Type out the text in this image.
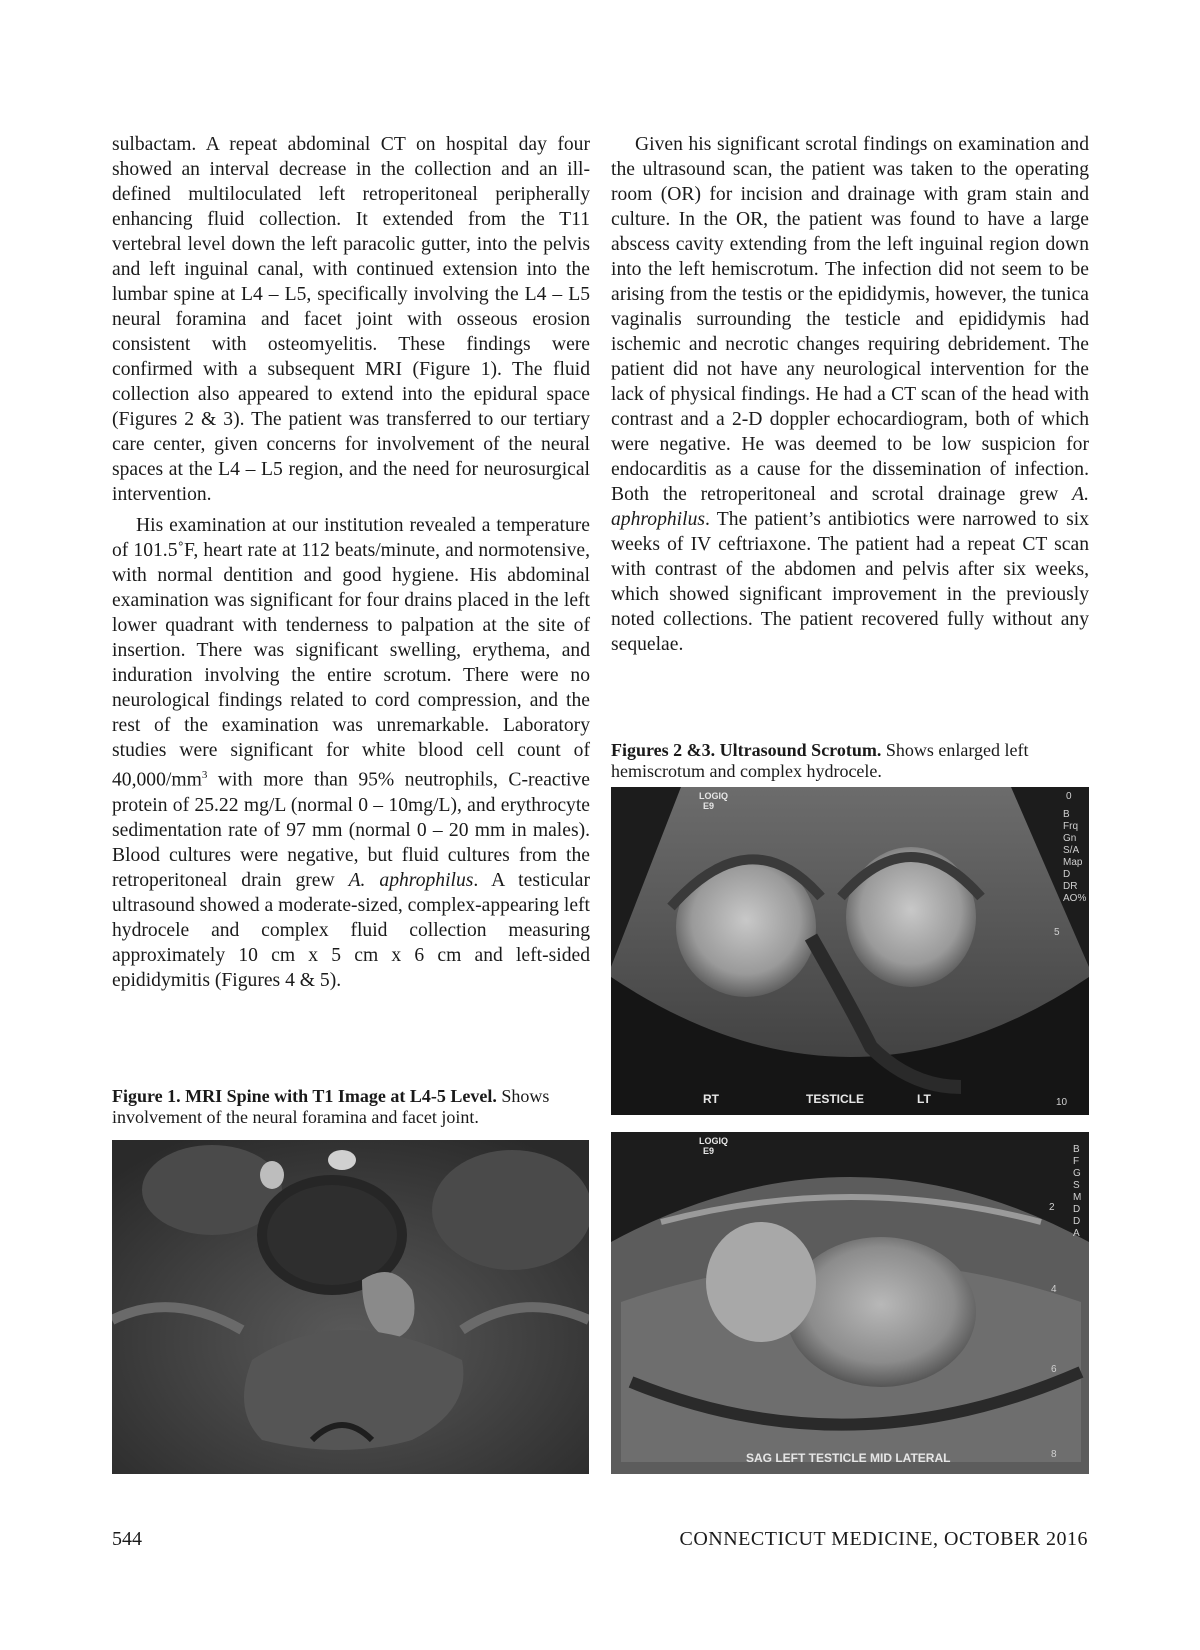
sulbactam. A repeat abdominal CT on hospital day four showed an interval decrease in the collection and an ill-defined multiloculated left retroperitoneal peripherally enhancing fluid collection. It extended from the T11 vertebral level down the left paracolic gutter, into the pelvis and left inguinal canal, with continued extension into the lumbar spine at L4 – L5, specifically involving the L4 – L5 neural foramina and facet joint with osseous erosion consistent with osteomyelitis. These findings were confirmed with a subsequent MRI (Figure 1). The fluid collection also appeared to extend into the epidural space (Figures 2 & 3). The patient was transferred to our tertiary care center, given concerns for involvement of the neural spaces at the L4 – L5 region, and the need for neurosurgical intervention.

His examination at our institution revealed a temperature of 101.5˚F, heart rate at 112 beats/minute, and normotensive, with normal dentition and good hygiene. His abdominal examination was significant for four drains placed in the left lower quadrant with tenderness to palpation at the site of insertion. There was significant swelling, erythema, and induration involving the entire scrotum. There were no neurological findings related to cord compression, and the rest of the examination was unremarkable. Laboratory studies were significant for white blood cell count of $40,000/mm^3$ with more than 95% neutrophils, C-reactive protein of 25.22 mg/L (normal 0 – 10mg/L), and erythrocyte sedimentation rate of 97 mm (normal 0 – 20 mm in males). Blood cultures were negative, but fluid cultures from the retroperitoneal drain grew A. aphrophilus. A testicular ultrasound showed a moderate-sized, complex-appearing left hydrocele and complex fluid collection measuring approximately 10 cm x 5 cm x 6 cm and left-sided epididymitis (Figures 4 & 5).

Given his significant scrotal findings on examination and the ultrasound scan, the patient was taken to the operating room (OR) for incision and drainage with gram stain and culture. In the OR, the patient was found to have a large abscess cavity extending from the left inguinal region down into the left hemiscrotum. The infection did not seem to be arising from the testis or the epididymis, however, the tunica vaginalis surrounding the testicle and epididymis had ischemic and necrotic changes requiring debridement. The patient did not have any neurological intervention for the lack of physical findings. He had a CT scan of the head with contrast and a 2-D doppler echocardiogram, both of which were negative. He was deemed to be low suspicion for endocarditis as a cause for the dissemination of infection. Both the retroperitoneal and scrotal drainage grew A. aphrophilus. The patient’s antibiotics were narrowed to six weeks of IV ceftriaxone. The patient had a repeat CT scan with contrast of the abdomen and pelvis after six weeks, which showed significant improvement in the previously noted collections. The patient recovered fully without any sequelae.

Figures 2 &3. Ultrasound Scrotum. Shows enlarged left hemiscrotum and complex hydrocele.
LOGIQ
E9
0
5
10
B
Frq
Gn
S/A
Map
D
DR
AO%
RT	TESTICLE	LT
LOGIQ
E9
2
4
6
8
B
F
G
S
M
D
D
A
SAG LEFT TESTICLE MID LATERAL
Figure 1. MRI Spine with T1 Image at L4-5 Level. Shows involvement of the neural foramina and facet joint.
544	CONNECTICUT MEDICINE, OCTOBER 2016
